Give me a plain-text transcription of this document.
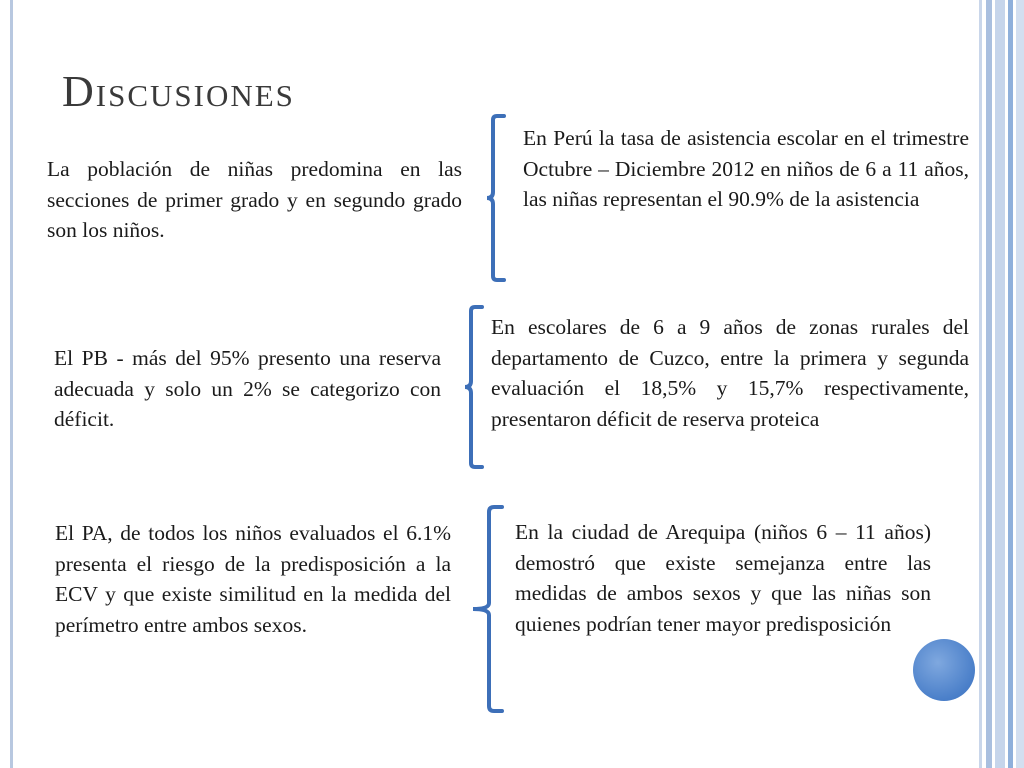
Discusiones

La población de niñas predomina en las secciones de primer grado y en segundo grado son los niños.

En Perú la tasa de asistencia escolar en el trimestre Octubre – Diciembre 2012 en niños de 6 a 11 años, las niñas representan el 90.9% de la asistencia

El PB - más del 95% presento una reserva adecuada y solo un 2% se categorizo con déficit.

En escolares de 6 a 9 años de zonas rurales del departamento de Cuzco, entre la primera y segunda evaluación el 18,5% y 15,7% respectivamente, presentaron déficit de reserva proteica

El PA, de todos los niños evaluados el 6.1% presenta el riesgo de la predisposición a la ECV y que existe similitud en la medida del perímetro entre ambos sexos.

En la ciudad de Arequipa (niños 6 – 11 años) demostró que existe semejanza entre las medidas de ambos sexos y que las niñas son quienes podrían tener mayor predisposición
